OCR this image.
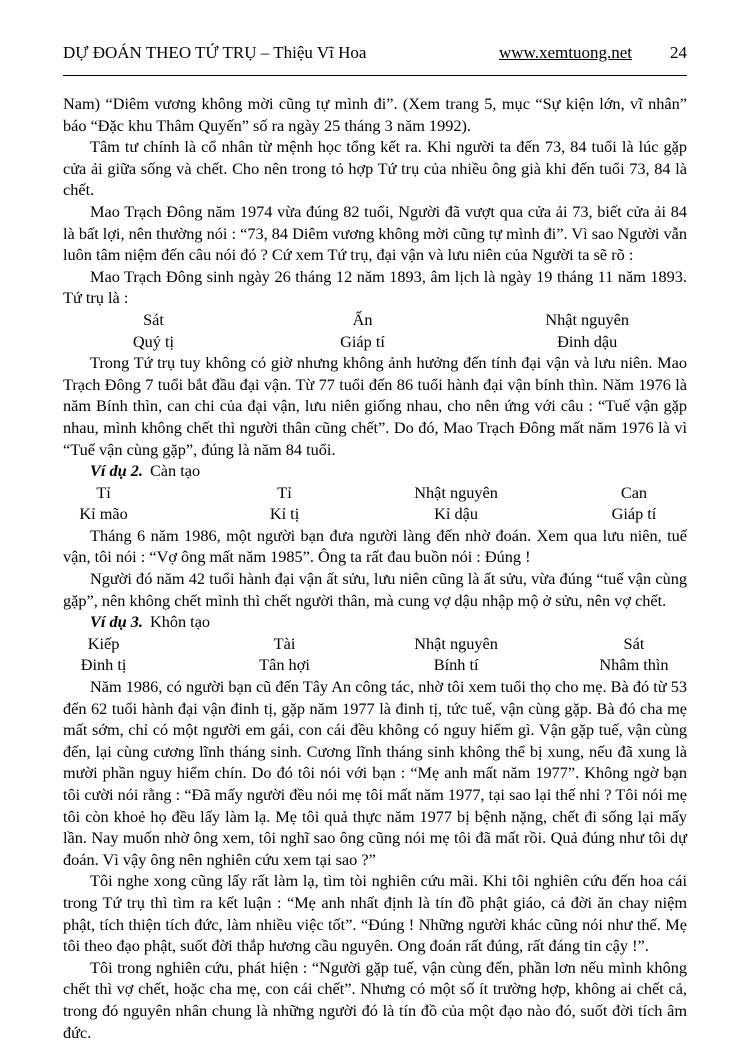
DỰ ĐOÁN THEO TỨ TRỤ – Thiệu Vĩ Hoa	www.xemtuong.net 24

Nam) “Diêm vương không mời cũng tự mình đi”. (Xem trang 5, mục “Sự kiện lớn, vĩ nhân” báo “Đặc khu Thâm Quyến” số ra ngày 25 tháng 3 năm 1992).

Tâm tư chính là cổ nhân từ mệnh học tổng kết ra. Khi người ta đến 73, 84 tuổi là lúc gặp cửa ải giữa sống và chết. Cho nên trong tỏ hợp Tứ trụ của nhiều ông già khi đến tuổi 73, 84 là chết.

Mao Trạch Đông năm 1974 vừa đúng 82 tuổi, Người đã vượt qua cửa ải 73, biết cửa ải 84 là bất lợi, nên thường nói : “73, 84 Diêm vương không mời cũng tự mình đi”. Vì sao Người vẫn luôn tâm niệm đến câu nói đó ? Cứ xem Tứ trụ, đại vận và lưu niên của Người ta sẽ rõ :

Mao Trạch Đông sinh ngày 26 tháng 12 năm 1893, âm lịch là ngày 19 tháng 11 năm 1893. Tứ trụ là :

Sát	Ấn	Nhật nguyên
Quý tị	Giáp tí	Đinh dậu

Trong Tứ trụ tuy không có giờ nhưng không ảnh hưởng đến tính đại vận và lưu niên. Mao Trạch Đông 7 tuổi bắt đầu đại vận. Từ 77 tuổi đến 86 tuổi hành đại vận bính thìn. Năm 1976 là năm Bính thìn, can chi của đại vận, lưu niên giống nhau, cho nên ứng với câu : “Tuế vận gặp nhau, mình không chết thì người thân cũng chết”. Do đó, Mao Trạch Đông mất năm 1976 là vì “Tuế vận cùng gặp”, đúng là năm 84 tuổi.

Ví dụ 2. Càn tạo

Tỉ	Tỉ	Nhật nguyên	Can
Kỉ mão	Kỉ tị	Kỉ dậu	Giáp tí

Tháng 6 năm 1986, một người bạn đưa người làng đến nhờ đoán. Xem qua lưu niên, tuế vận, tôi nói : “Vợ ông mất năm 1985”. Ông ta rất đau buồn nói : Đúng !

Người đó năm 42 tuổi hành đại vận ất sửu, lưu niên cũng là ất sửu, vừa đúng “tuế vận cùng gặp”, nên không chết mình thì chết người thân, mà cung vợ dậu nhập mộ ở sửu, nên vợ chết.

Ví dụ 3. Khôn tạo

Kiếp	Tài	Nhật nguyên	Sát
Đinh tị	Tân hợi	Bính tí	Nhâm thìn

Năm 1986, có người bạn cũ đến Tây An công tác, nhờ tôi xem tuổi thọ cho mẹ. Bà đó từ 53 đến 62 tuổi hành đại vận đinh tị, gặp năm 1977 là đinh tị, tức tuế, vận cùng gặp. Bà đó cha mẹ mất sớm, chỉ có một người em gái, con cái đều không có nguy hiểm gì. Vận gặp tuế, vận cùng đến, lại cùng cương lĩnh tháng sinh. Cương lĩnh tháng sinh không thể bị xung, nếu đã xung là mười phần nguy hiểm chín. Do đó tôi nói với bạn : “Mẹ anh mất năm 1977”. Không ngờ bạn tôi cười nói rằng : “Đã mấy người đều nói mẹ tôi mất năm 1977, tại sao lại thế nhỉ ? Tôi nói mẹ tôi còn khoẻ họ đều lấy làm lạ. Mẹ tôi quả thực năm 1977 bị bệnh nặng, chết đi sống lại mấy lần. Nay muốn nhờ ông xem, tôi nghĩ sao ông cũng nói mẹ tôi đã mất rồi. Quả đúng như tôi dự đoán. Vì vậy ông nên nghiên cứu xem tại sao ?”

Tôi nghe xong cũng lấy rất làm lạ, tìm tòi nghiên cứu mãi. Khi tôi nghiên cứu đến hoa cái trong Tứ trụ thì tìm ra kết luận : “Mẹ anh nhất định là tín đồ phật giáo, cả đời ăn chay niệm phật, tích thiện tích đức, làm nhiều việc tốt”. “Đúng ! Những người khác cũng nói như thế. Mẹ tôi theo đạo phật, suốt đời thắp hương cầu nguyên. Ong đoán rất đúng, rất đáng tin cậy !”.

Tôi trong nghiên cứu, phát hiện : “Người gặp tuế, vận cùng đến, phần lơn nếu mình không chết thì vợ chết, hoặc cha mẹ, con cái chết”. Nhưng có một số ít trường hợp, không ai chết cả, trong đó nguyên nhân chung là những người đó là tín đồ của một đạo nào đó, suốt đời tích âm đức.
